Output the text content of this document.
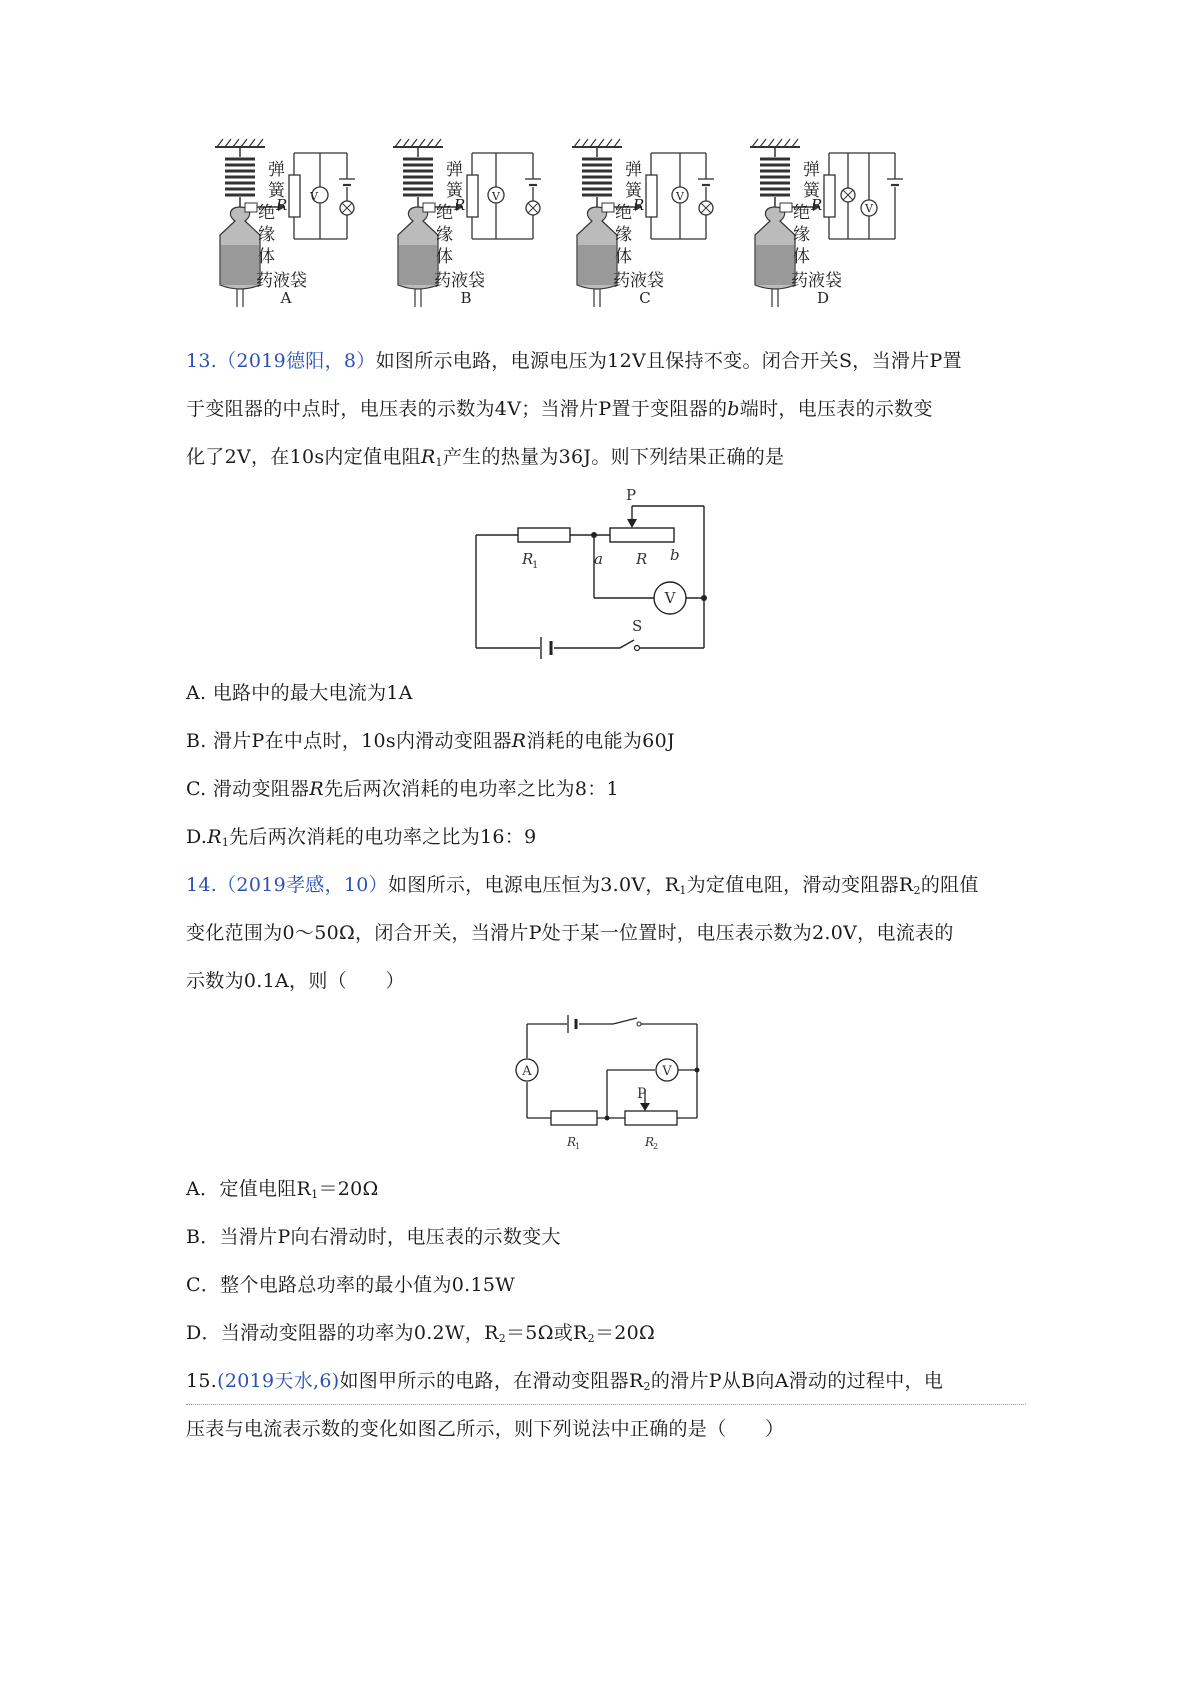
弹
簧
绝
缘
体
药液袋
R V
A
弹
簧
绝
缘
体
药液袋
R V
B
弹
簧
绝
缘
体
药液袋
R	V
C
弹
簧
绝
缘
体
药液袋
R	V
D
13.（2019德阳，8）如图所示电路，电源电压为12V且保持不变。闭合开关S，当滑片P置
于变阻器的中点时，电压表的示数为4V；当滑片P置于变阻器的b端时，电压表的示数变
化了2V，在10s内定值电阻$R_1$产生的热量为36J。则下列结果正确的是
R
1
P
a R b
V
S
A. 电路中的最大电流为1A
B. 滑片P在中点时，10s内滑动变阻器R消耗的电能为60J
C. 滑动变阻器R先后两次消耗的电功率之比为8：1
$D.R_1$先后两次消耗的电功率之比为16：9
14.（2019孝感，10）如图所示，电源电压恒为3.0V，$R_1$为定值电阻，滑动变阻器$R_2$的阻值
变化范围为0～50Ω，闭合开关，当滑片P处于某一位置时，电压表示数为2.0V，电流表的
示数为0.1A，则（　　）
A	V
P
R
1	R
2
A．定值电阻$R_1=20\Omega$
B．当滑片P向右滑动时，电压表的示数变大
C．整个电路总功率的最小值为0.15W
D．当滑动变阻器的功率为0.2W，$R_2=5\Omega$或$R_2=20\Omega$
15.(2019天水,6)如图甲所示的电路，在滑动变阻器$R_2$的滑片P从B向A滑动的过程中，电
压表与电流表示数的变化如图乙所示，则下列说法中正确的是（　　）
